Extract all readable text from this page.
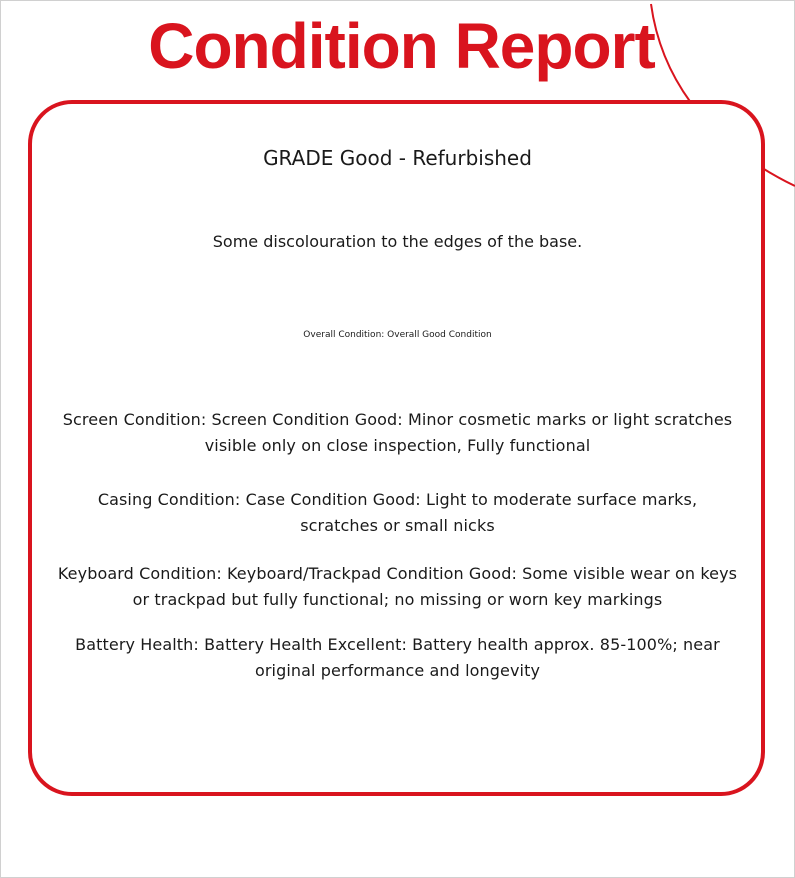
Condition Report
GRADE Good - Refurbished
Some discolouration to the edges of the base.
Overall Condition: Overall Good Condition
Screen Condition: Screen Condition Good: Minor cosmetic marks or light scratches visible only on close inspection, Fully functional
Casing Condition: Case Condition Good: Light to moderate surface marks, scratches or small nicks
Keyboard Condition: Keyboard/Trackpad Condition Good: Some visible wear on keys or trackpad but fully functional; no missing or worn key markings
Battery Health: Battery Health Excellent: Battery health approx. 85-100%; near original performance and longevity
